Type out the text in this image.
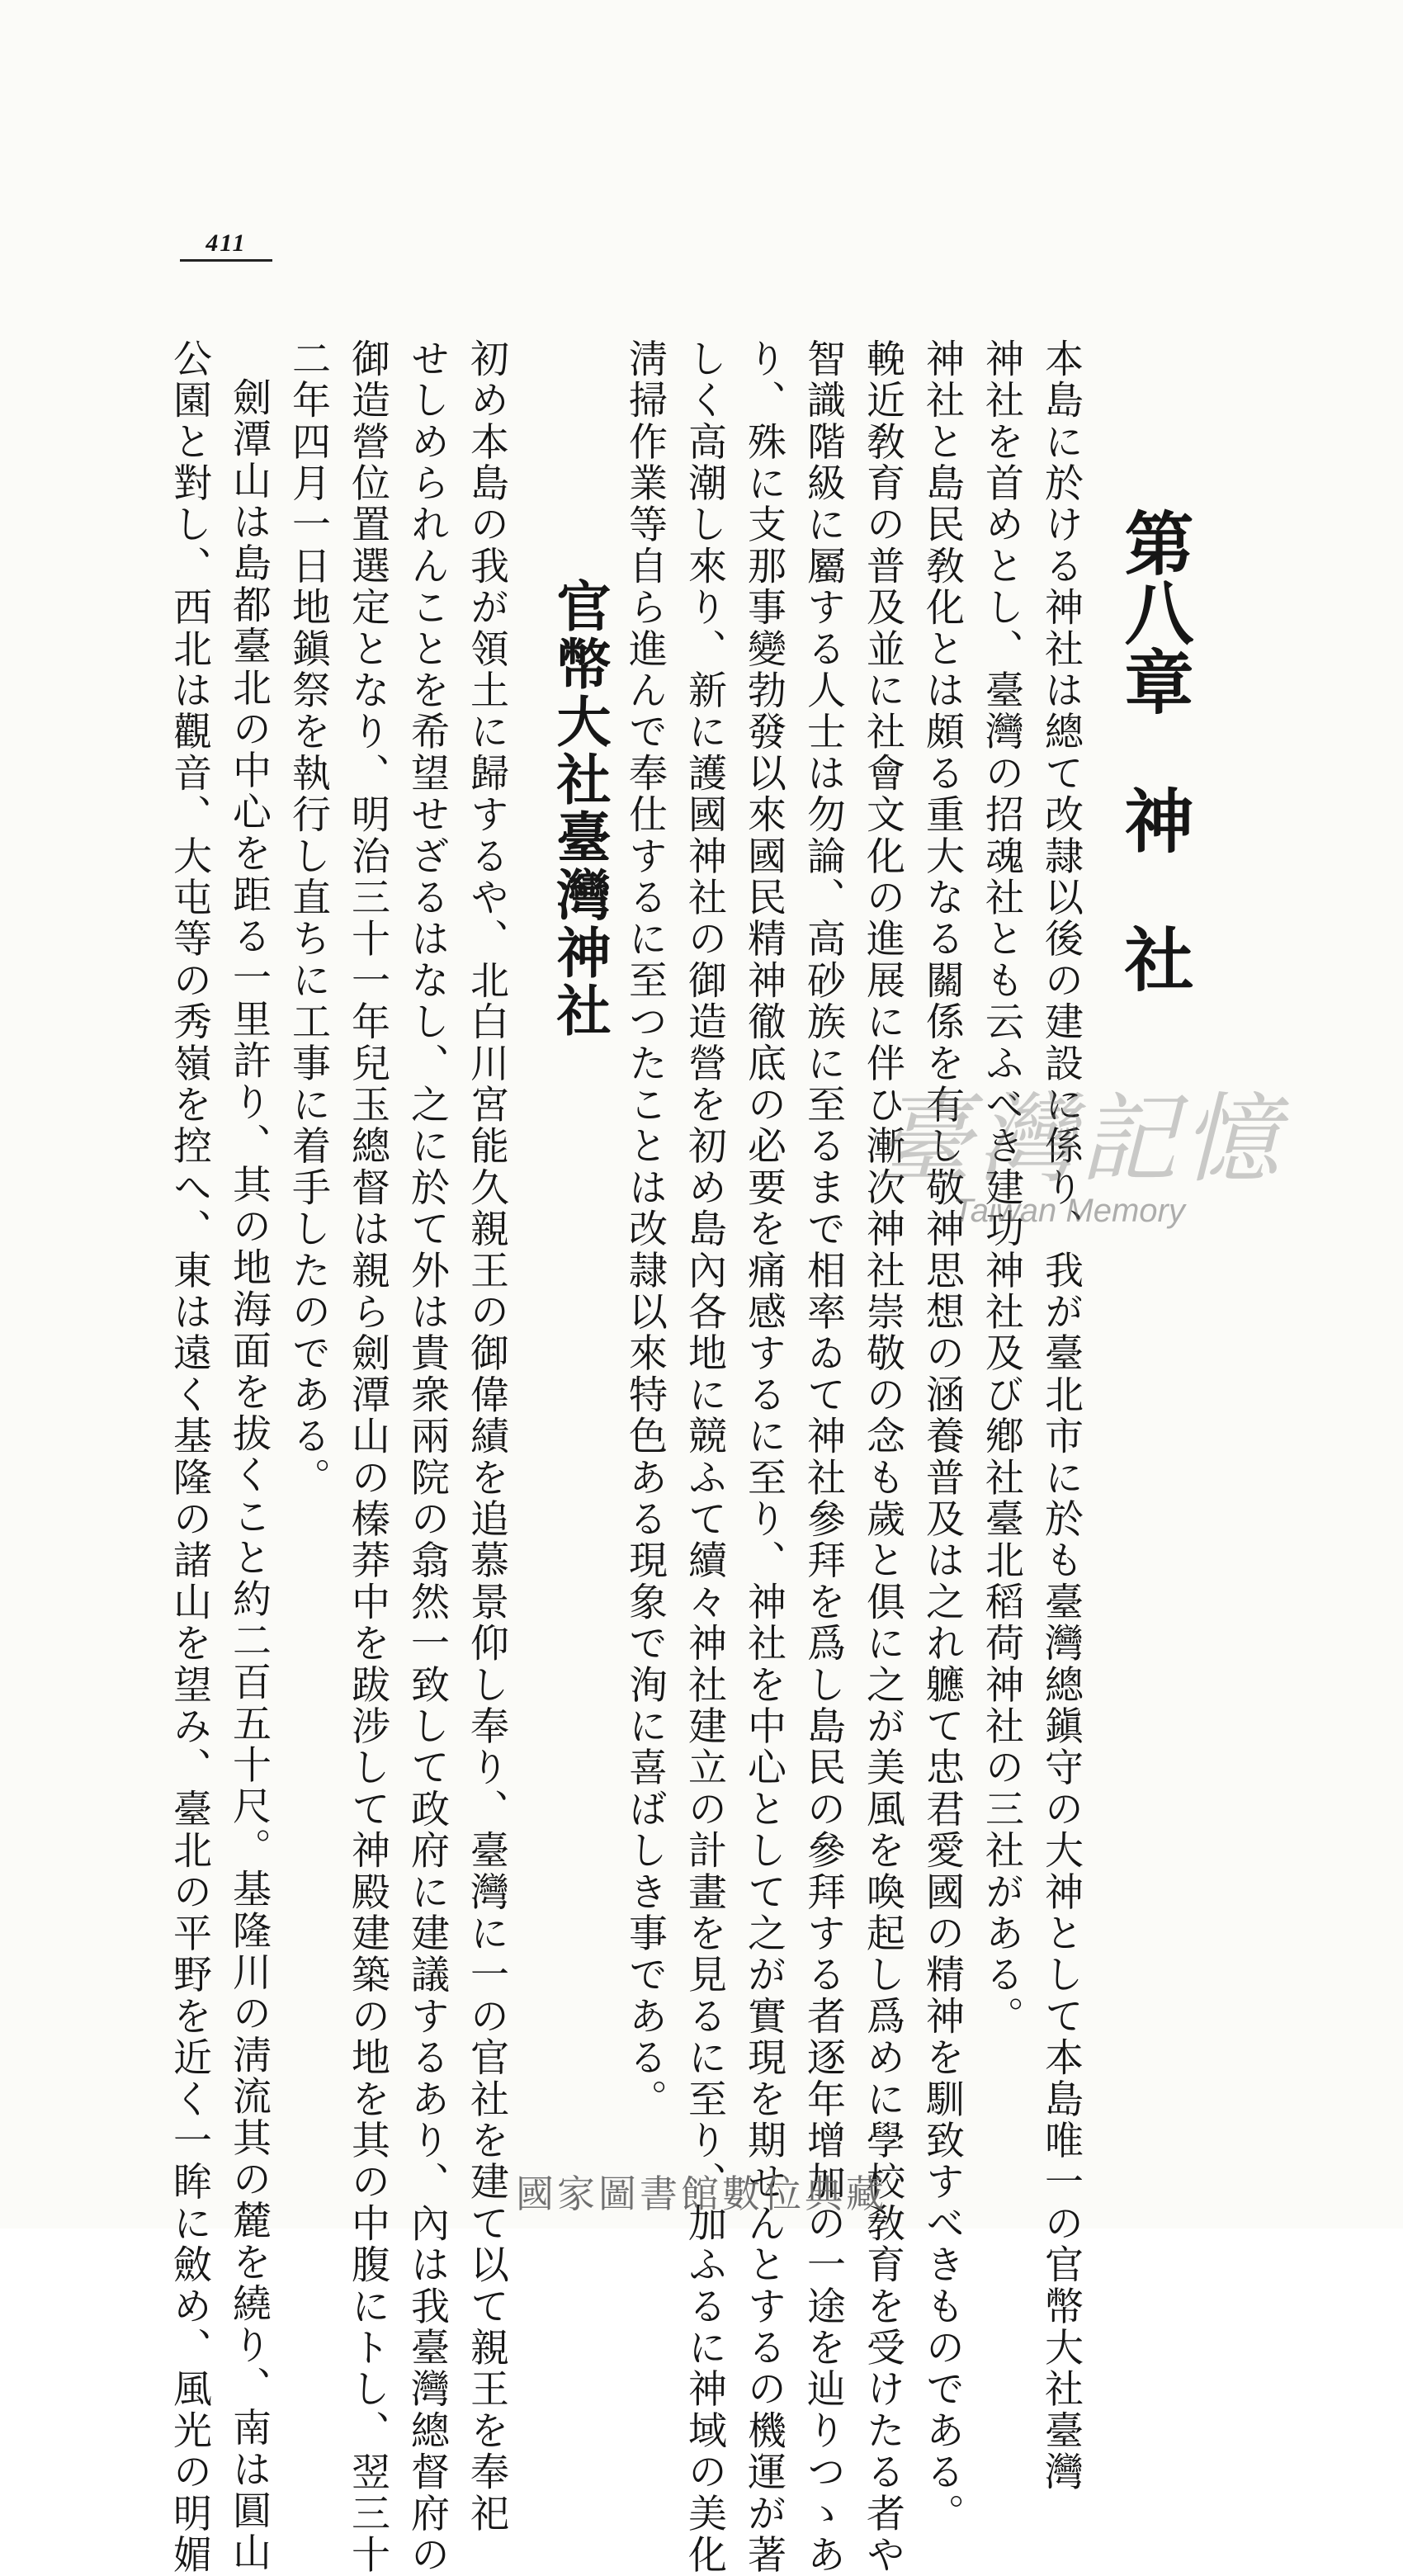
411
本島に於ける神社は總て改隷以後の建設に係り、我が臺北市に於も臺灣總鎭守の大神として本島唯一の官幣大社臺灣
神社を首めとし、臺灣の招魂社とも云ふべき建功神社及び鄕社臺北稻荷神社の三社がある。
神社と島民敎化とは頗る重大なる關係を有し敬神思想の涵養普及は之れ軈て忠君愛國の精神を馴致すべきものである。
輓近敎育の普及並に社會文化の進展に伴ひ漸次神社崇敬の念も歲と俱に之が美風を喚起し爲めに學校敎育を受けたる者や
智識階級に屬する人士は勿論、高砂族に至るまで相率ゐて神社參拜を爲し島民の參拜する者逐年增加の一途を辿りつゝあ
り、殊に支那事變勃發以來國民精神徹底の必要を痛感するに至り、神社を中心として之が實現を期せんとするの機運が著
しく高潮し來り、新に護國神社の御造營を初め島內各地に競ふて續々神社建立の計畫を見るに至り、加ふるに神域の美化
淸掃作業等自ら進んで奉仕するに至つたことは改隷以來特色ある現象で洵に喜ばしき事である。
初め本島の我が領土に歸するや、北白川宮能久親王の御偉績を追慕景仰し奉り、臺灣に一の官社を建て以て親王を奉祀
せしめられんことを希望せざるはなし、之に於て外は貴衆兩院の翕然一致して政府に建議するあり、內は我臺灣總督府の
御造營位置選定となり、明治三十一年兒玉總督は親ら劍潭山の榛莽中を跋涉して神殿建築の地を其の中腹にトし、翌三十
二年四月一日地鎭祭を執行し直ちに工事に着手したのである。
劍潭山は島都臺北の中心を距る一里許り、其の地海面を拔くこと約二百五十尺。基隆川の淸流其の麓を繞り、南は圓山
公園と對し、西北は觀音、大屯等の秀嶺を控へ、東は遠く基隆の諸山を望み、臺北の平野を近く一眸に斂め、風光の明媚	第八章　神　社
官幣大社臺灣神社
臺灣記憶
Taiwan Memory
國家圖書館數位典藏
